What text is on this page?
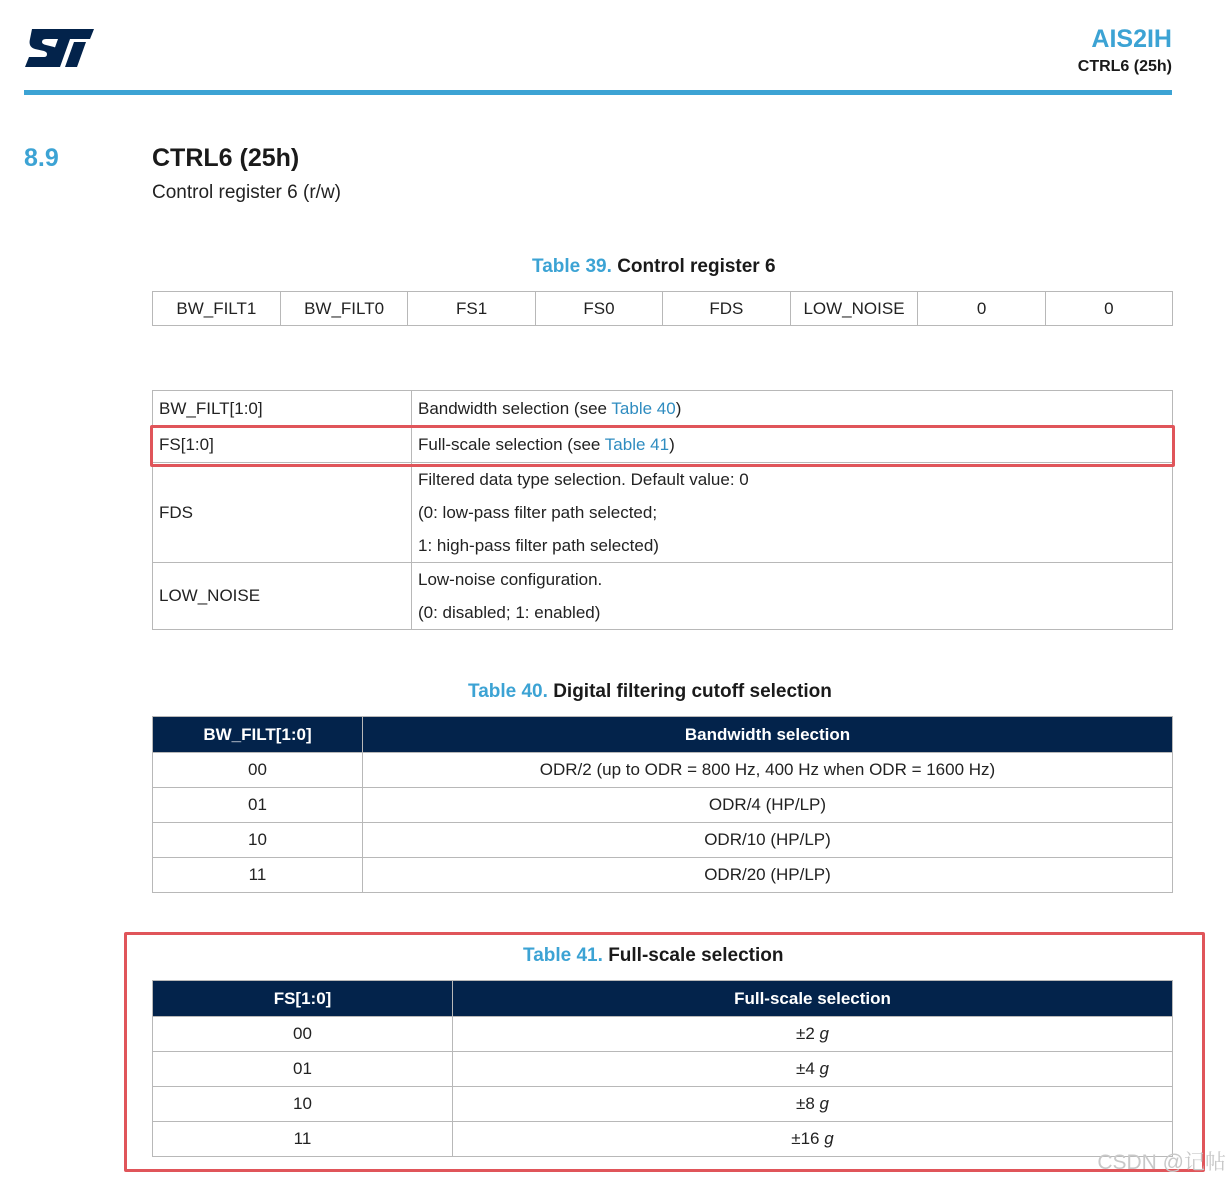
AIS2IH
CTRL6 (25h)
8.9	CTRL6 (25h)
Control register 6 (r/w)
Table 39. Control register 6
BW_FILT1	BW_FILT0	FS1	FS0	FDS	LOW_NOISE	0	0
BW_FILT[1:0]	Bandwidth selection (see Table 40)
FS[1:0]	Full-scale selection (see Table 41)
FDS	Filtered data type selection. Default value: 0
(0: low-pass filter path selected;
1: high-pass filter path selected)

LOW_NOISE	Low-noise configuration.
(0: disabled; 1: enabled)
Table 40. Digital filtering cutoff selection
BW_FILT[1:0]	Bandwidth selection
00	ODR/2 (up to ODR = 800 Hz, 400 Hz when ODR = 1600 Hz)
01	ODR/4 (HP/LP)
10	ODR/10 (HP/LP)
11	ODR/20 (HP/LP)
Table 41. Full-scale selection
FS[1:0]	Full-scale selection
00	±2 g
01	±4 g
10	±8 g
11	±16 g
CSDN @记帖
